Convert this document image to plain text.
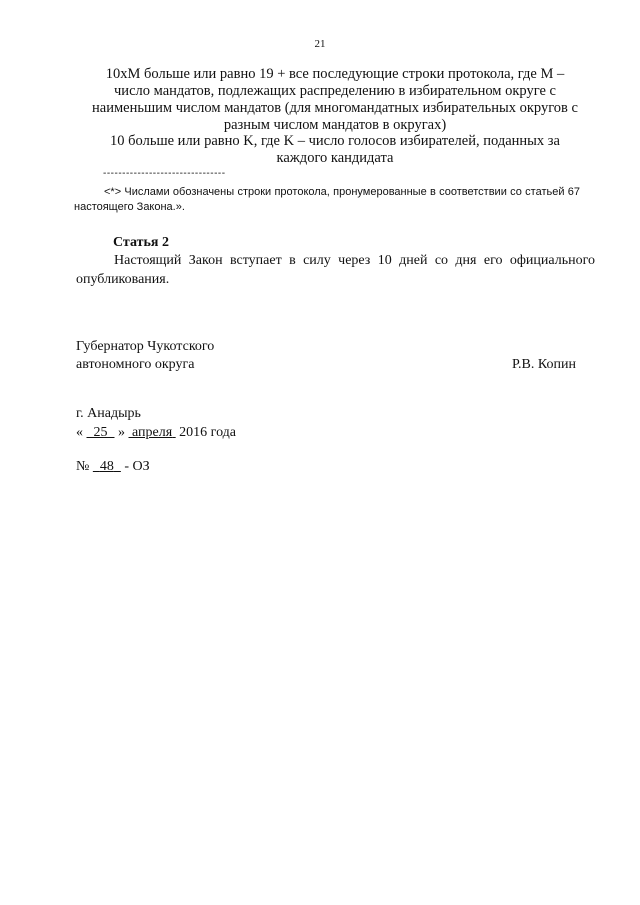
21
10хМ больше или равно 19 + все последующие строки протокола, где M – число мандатов, подлежащих распределению в избирательном округе с наименьшим числом мандатов (для многомандатных избирательных округов с разным числом мандатов в округах)
10 больше или равно K, где K – число голосов избирателей, поданных за каждого кандидата
--------------------------------
<*> Числами обозначены строки протокола, пронумерованные в соответствии со статьей 67 настоящего Закона.».
Статья 2
Настоящий Закон вступает в силу через 10 дней со дня его официального опубликования.
Губернатор Чукотского
автономного округа	Р.В. Копин
г. Анадырь
« 25 » апреля 2016 года
№ 48 - ОЗ
